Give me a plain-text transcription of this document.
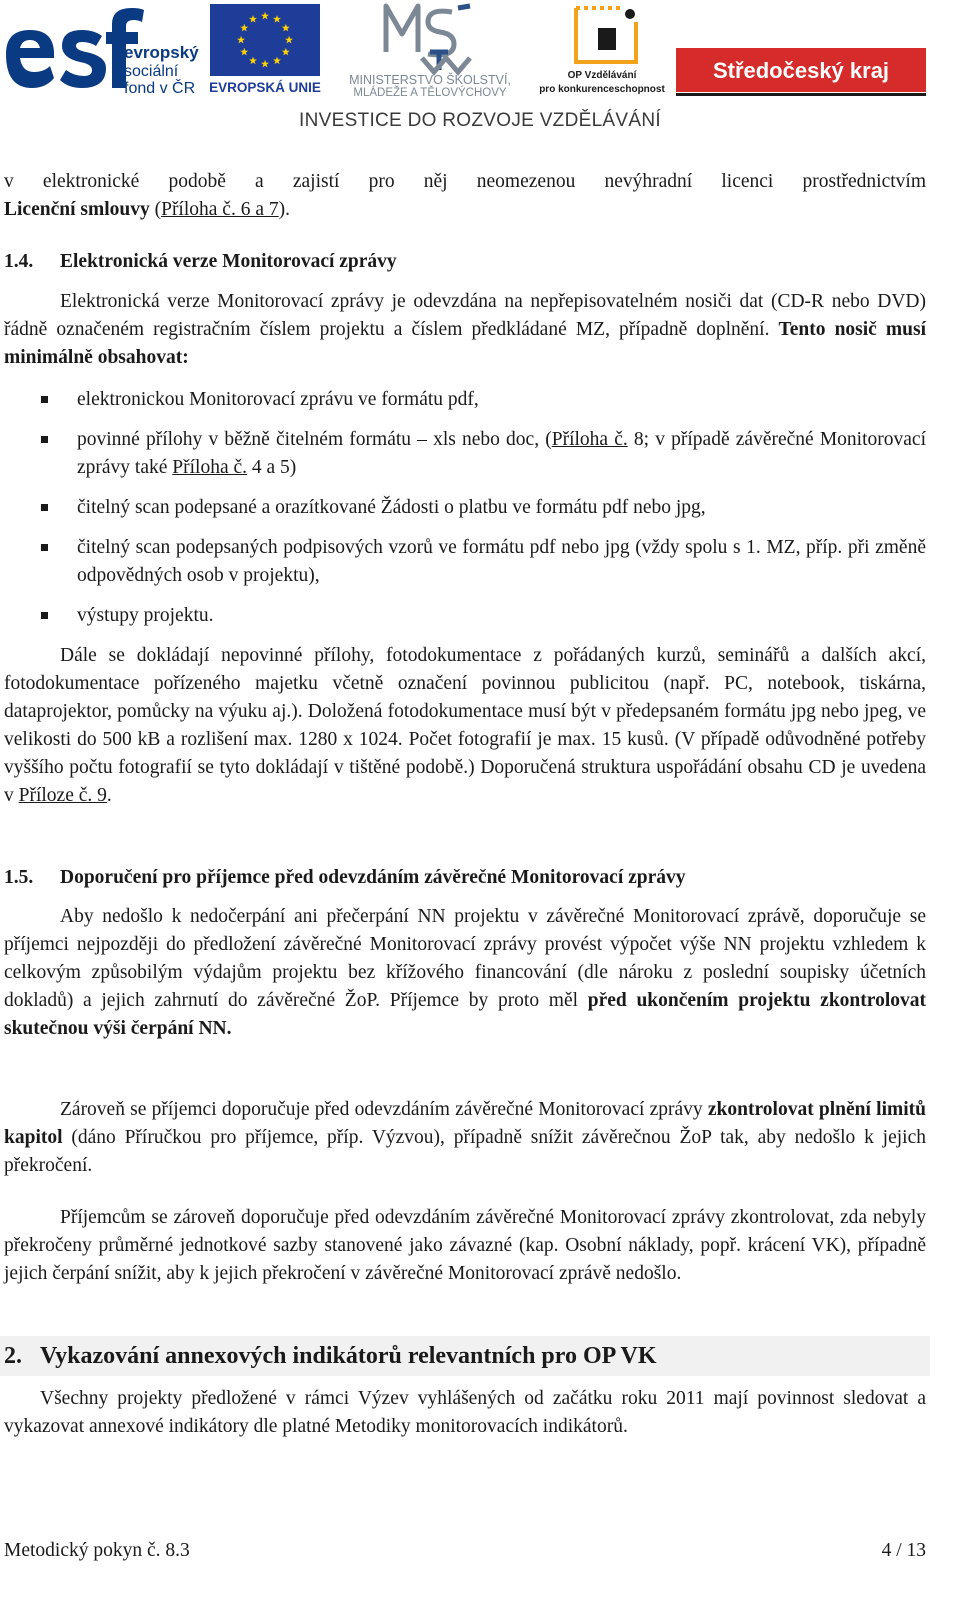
evropský
sociální
fond v ČR EVROPSKÁ UNIE MINISTERSTVO ŠKOLSTVÍ,
MLÁDEŽE A TĚLOVÝCHOVY
OP Vzdělávání
pro konkurenceschopnost
Středočeský kraj
INVESTICE DO ROZVOJE VZDĚLÁVÁNÍ

v elektronické podobě a zajistí pro něj neomezenou nevýhradní licenci prostřednictvím

Licenční smlouvy (Příloha č. 6 a 7).

1.4. Elektronická verze Monitorovací zprávy

Elektronická verze Monitorovací zprávy je odevzdána na nepřepisovatelném nosiči dat (CD-R nebo DVD) řádně označeném registračním číslem projektu a číslem předkládané MZ, případně doplnění. Tento nosič musí minimálně obsahovat:

elektronickou Monitorovací zprávu ve formátu pdf,
povinné přílohy v běžně čitelném formátu – xls nebo doc, (Příloha č. 8; v případě závěrečné Monitorovací zprávy také Příloha č. 4 a 5)
čitelný scan podepsané a orazítkované Žádosti o platbu ve formátu pdf nebo jpg,
čitelný scan podepsaných podpisových vzorů ve formátu pdf nebo jpg (vždy spolu s 1. MZ, příp. při změně odpovědných osob v projektu),
výstupy projektu.

Dále se dokládají nepovinné přílohy, fotodokumentace z pořádaných kurzů, seminářů a dalších akcí, fotodokumentace pořízeného majetku včetně označení povinnou publicitou (např. PC, notebook, tiskárna, dataprojektor, pomůcky na výuku aj.). Doložená fotodokumentace musí být v předepsaném formátu jpg nebo jpeg, ve velikosti do 500 kB a rozlišení max. 1280 x 1024. Počet fotografií je max. 15 kusů. (V případě odůvodněné potřeby vyššího počtu fotografií se tyto dokládají v tištěné podobě.) Doporučená struktura uspořádání obsahu CD je uvedena v Příloze č. 9.

1.5. Doporučení pro příjemce před odevzdáním závěrečné Monitorovací zprávy

Aby nedošlo k nedočerpání ani přečerpání NN projektu v závěrečné Monitorovací zprávě, doporučuje se příjemci nejpozději do předložení závěrečné Monitorovací zprávy provést výpočet výše NN projektu vzhledem k celkovým způsobilým výdajům projektu bez křížového financování (dle nároku z poslední soupisky účetních dokladů) a jejich zahrnutí do závěrečné ŽoP. Příjemce by proto měl před ukončením projektu zkontrolovat skutečnou výši čerpání NN.

Zároveň se příjemci doporučuje před odevzdáním závěrečné Monitorovací zprávy zkontrolovat plnění limitů kapitol (dáno Příručkou pro příjemce, příp. Výzvou), případně snížit závěrečnou ŽoP tak, aby nedošlo k jejich překročení.

Příjemcům se zároveň doporučuje před odevzdáním závěrečné Monitorovací zprávy zkontrolovat, zda nebyly překročeny průměrné jednotkové sazby stanovené jako závazné (kap. Osobní náklady, popř. krácení VK), případně jejich čerpání snížit, aby k jejich překročení v závěrečné Monitorovací zprávě nedošlo.

2. Vykazování annexových indikátorů relevantních pro OP VK

Všechny projekty předložené v rámci Výzev vyhlášených od začátku roku 2011 mají povinnost sledovat a vykazovat annexové indikátory dle platné Metodiky monitorovacích indikátorů.

Metodický pokyn č. 8.3	4 / 13
